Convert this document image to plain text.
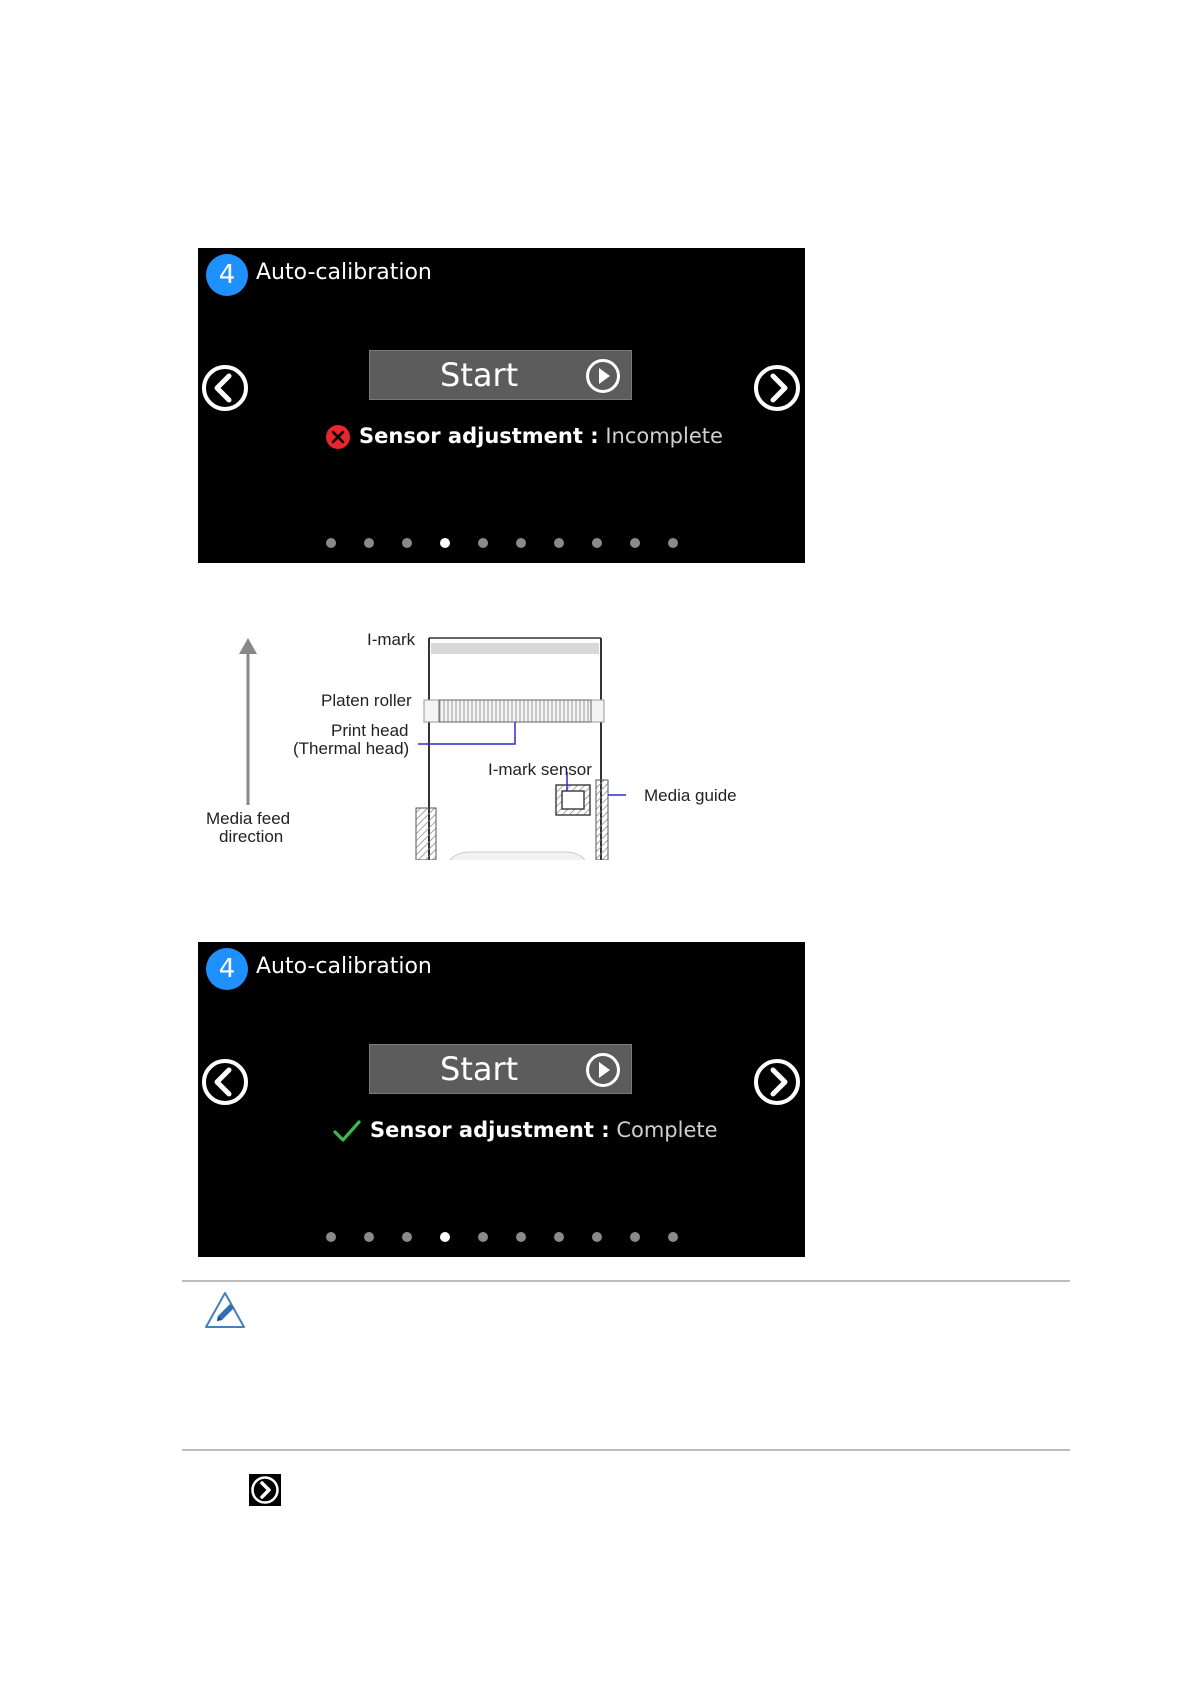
4 Auto-calibration
Start
Sensor adjustment : Incomplete
I-mark
Platen roller
Print head
(Thermal head)
I-mark sensor
Media guide
Media feed
direction
4 Auto-calibration
Start
Sensor adjustment : Complete
